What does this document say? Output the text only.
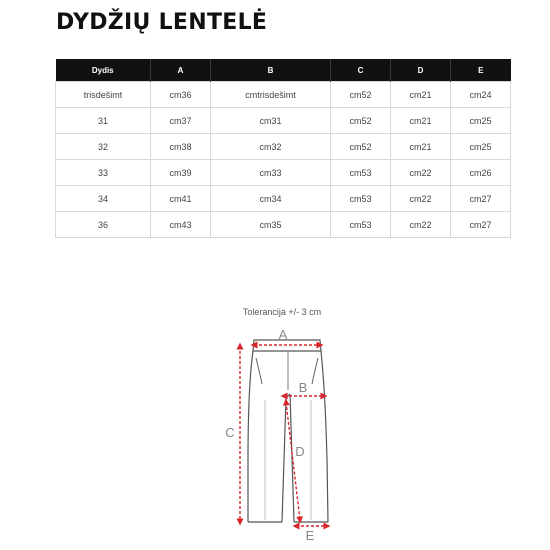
DYDŽIŲ LENTELĖ
Dydis	A	B	C	D	E
trisdešimt	cm36	cmtrisdešimt	cm52	cm21	cm24
31	cm37	cm31	cm52	cm21	cm25
32	cm38	cm32	cm52	cm21	cm25
33	cm39	cm33	cm53	cm22	cm26
34	cm41	cm34	cm53	cm22	cm27
36	cm43	cm35	cm53	cm22	cm27
Tolerancija +/- 3 cm
A
B
C
D
E
